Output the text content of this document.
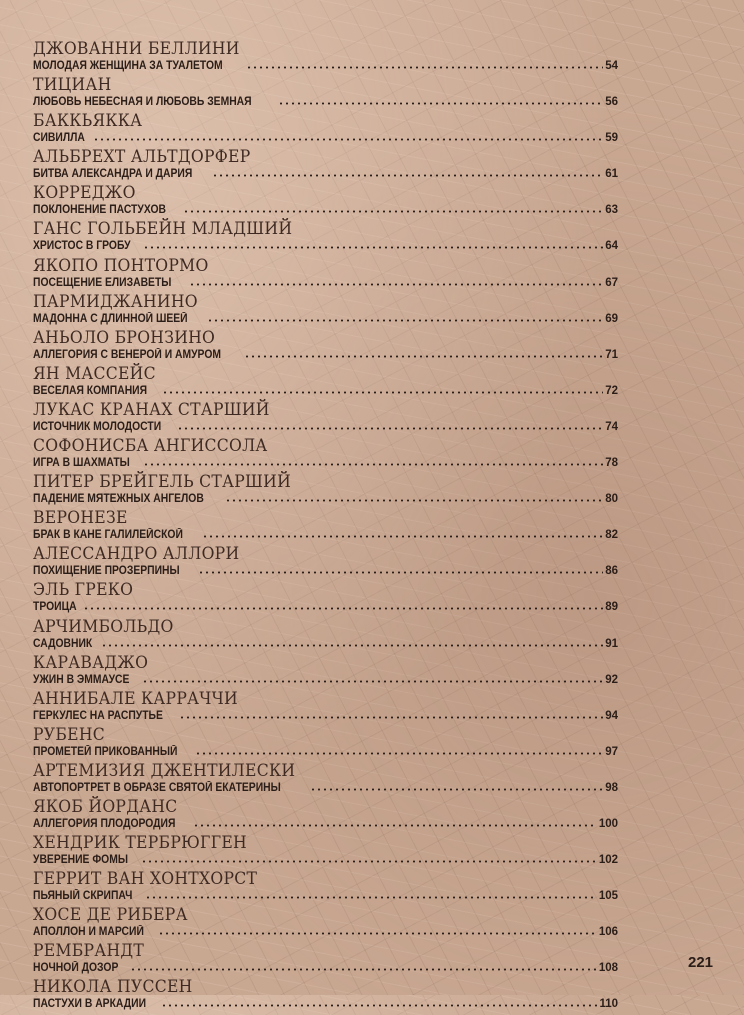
ДЖОВАННИ БЕЛЛИНИ
МОЛОДАЯ ЖЕНЩИНА ЗА ТУАЛЕТОМ	54
ТИЦИАН
ЛЮБОВЬ НЕБЕСНАЯ И ЛЮБОВЬ ЗЕМНАЯ	56
БАККЬЯККА
СИВИЛЛА	59
АЛЬБРЕХТ АЛЬТДОРФЕР
БИТВА АЛЕКСАНДРА И ДАРИЯ	61
КОРРЕДЖО
ПОКЛОНЕНИЕ ПАСТУХОВ	63
ГАНС ГОЛЬБЕЙН МЛАДШИЙ
ХРИСТОС В ГРОБУ	64
ЯКОПО ПОНТОРМО
ПОСЕЩЕНИЕ ЕЛИЗАВЕТЫ	67
ПАРМИДЖАНИНО
МАДОННА С ДЛИННОЙ ШЕЕЙ	69
АНЬОЛО БРОНЗИНО
АЛЛЕГОРИЯ С ВЕНЕРОЙ И АМУРОМ	71
ЯН МАССЕЙС
ВЕСЕЛАЯ КОМПАНИЯ	72
ЛУКАС КРАНАХ СТАРШИЙ
ИСТОЧНИК МОЛОДОСТИ	74
СОФОНИСБА АНГИССОЛА
ИГРА В ШАХМАТЫ	78
ПИТЕР БРЕЙГЕЛЬ СТАРШИЙ
ПАДЕНИЕ МЯТЕЖНЫХ АНГЕЛОВ	80
ВЕРОНЕЗЕ
БРАК В КАНЕ ГАЛИЛЕЙСКОЙ	82
АЛЕССАНДРО АЛЛОРИ
ПОХИЩЕНИЕ ПРОЗЕРПИНЫ	86
ЭЛЬ ГРЕКО
ТРОИЦА	89
АРЧИМБОЛЬДО
САДОВНИК	91
КАРАВАДЖО
УЖИН В ЭММАУСЕ	92
АННИБАЛЕ КАРРАЧЧИ
ГЕРКУЛЕС НА РАСПУТЬЕ	94
РУБЕНС
ПРОМЕТЕЙ ПРИКОВАННЫЙ	97
АРТЕМИЗИЯ ДЖЕНТИЛЕСКИ
АВТОПОРТРЕТ В ОБРАЗЕ СВЯТОЙ ЕКАТЕРИНЫ	98
ЯКОБ ЙОРДАНС
АЛЛЕГОРИЯ ПЛОДОРОДИЯ	100
ХЕНДРИК ТЕРБРЮГГЕН
УВЕРЕНИЕ ФОМЫ	102
ГЕРРИТ ВАН ХОНТХОРСТ
ПЬЯНЫЙ СКРИПАЧ	105
ХОСЕ ДЕ РИБЕРА
АПОЛЛОН И МАРСИЙ	106
РЕМБРАНДТ
НОЧНОЙ ДОЗОР	108
НИКОЛА ПУССЕН
ПАСТУХИ В АРКАДИИ	110
221
